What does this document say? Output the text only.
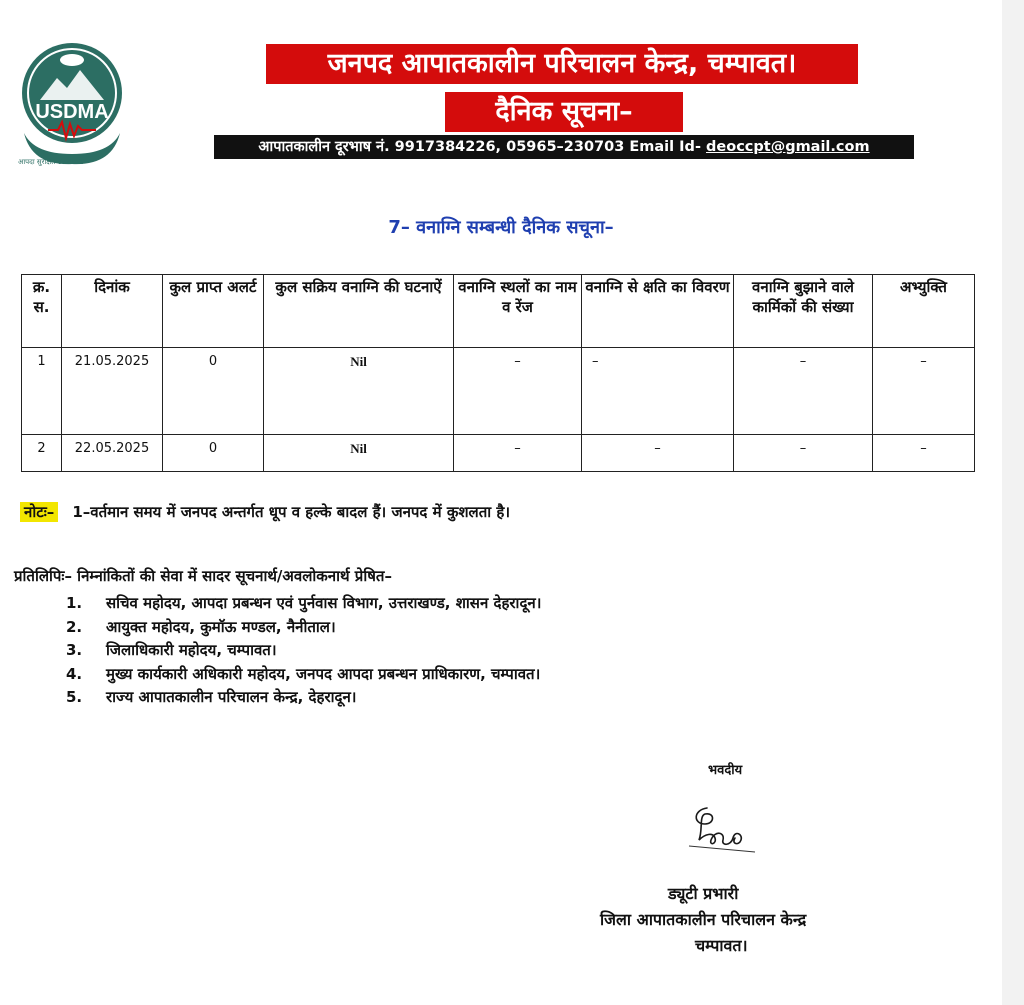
USDMA
आपदा सुरक्षित उत्तराखण्ड
जनपद आपातकालीन परिचालन केन्द्र, चम्पावत।
दैनिक सूचना–
आपातकालीन दूरभाष नं. 9917384226, 05965–230703 Email Id- deoccpt@gmail.com
7– वनाग्नि सम्बन्धी दैनिक सचूना–
क्र. स.	दिनांक	कुल प्राप्त अलर्ट	कुल सक्रिय वनाग्नि की घटनाऐं	वनाग्नि स्थलों का नाम व रेंज	वनाग्नि से क्षति का विवरण	वनाग्नि बुझाने वाले कार्मिकों की संख्या	अभ्युक्ति
1	21.05.2025	0	Nil	–	–	–	–
2	22.05.2025	0	Nil	–	–	–	–
नोटः– 1–वर्तमान समय में जनपद अन्तर्गत धूप व हल्के बादल हैं। जनपद में कुशलता है।
प्रतिलिपिः– निम्नांकितों की सेवा में सादर सूचनार्थ/अवलोकनार्थ प्रेषित–
1. सचिव महोदय, आपदा प्रबन्धन एवं पुर्नवास विभाग, उत्तराखण्ड, शासन देहरादून।
2. आयुक्त महोदय, कुमॉऊ मण्डल, नैनीताल।
3. जिलाधिकारी महोदय, चम्पावत।
4. मुख्य कार्यकारी अधिकारी महोदय, जनपद आपदा प्रबन्धन प्राधिकारण, चम्पावत।
5. राज्य आपातकालीन परिचालन केन्द्र, देहरादून।
भवदीय
ड्यूटी प्रभारी
जिला आपातकालीन परिचालन केन्द्र
चम्पावत।
